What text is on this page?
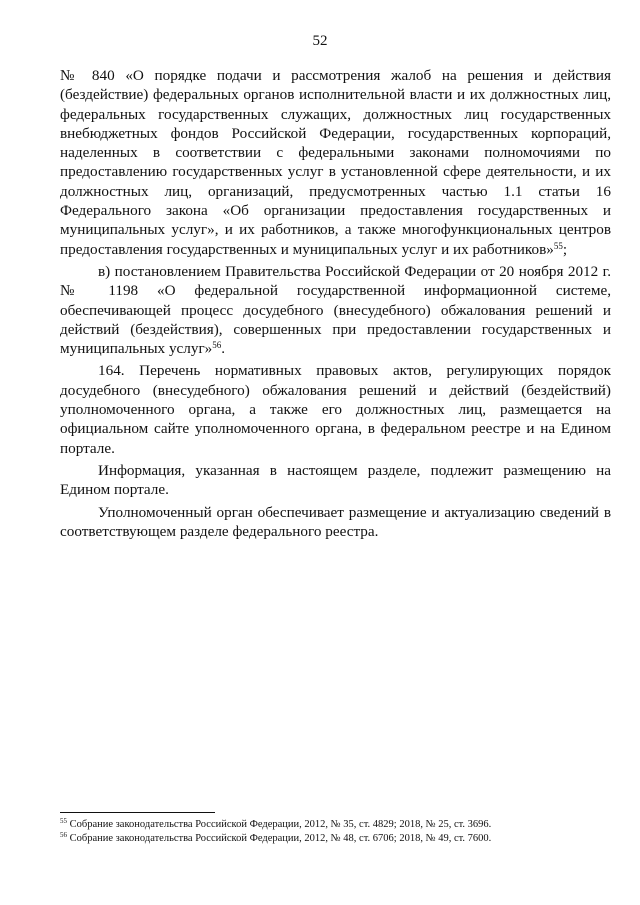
52

№ 840 «О порядке подачи и рассмотрения жалоб на решения и действия (бездействие) федеральных органов исполнительной власти и их должностных лиц, федеральных государственных служащих, должностных лиц государственных внебюджетных фондов Российской Федерации, государственных корпораций, наделенных в соответствии с федеральными законами полномочиями по предоставлению государственных услуг в установленной сфере деятельности, и их должностных лиц, организаций, предусмотренных частью 1.1 статьи 16 Федерального закона «Об организации предоставления государственных и муниципальных услуг», и их работников, а также многофункциональных центров предоставления государственных и муниципальных услуг и их работников»$^{55}$;

в) постановлением Правительства Российской Федерации от 20 ноября 2012 г. № 1198 «О федеральной государственной информационной системе, обеспечивающей процесс досудебного (внесудебного) обжалования решений и действий (бездействия), совершенных при предоставлении государственных и муниципальных услуг»$^{56}$.

164. Перечень нормативных правовых актов, регулирующих порядок досудебного (внесудебного) обжалования решений и действий (бездействий) уполномоченного органа, а также его должностных лиц, размещается на официальном сайте уполномоченного органа, в федеральном реестре и на Едином портале.

Информация, указанная в настоящем разделе, подлежит размещению на Едином портале.

Уполномоченный орган обеспечивает размещение и актуализацию сведений в соответствующем разделе федерального реестра.

$^{55}$ Собрание законодательства Российской Федерации, 2012, № 35, ст. 4829; 2018, № 25, ст. 3696.
$^{56}$ Собрание законодательства Российской Федерации, 2012, № 48, ст. 6706; 2018, № 49, ст. 7600.
